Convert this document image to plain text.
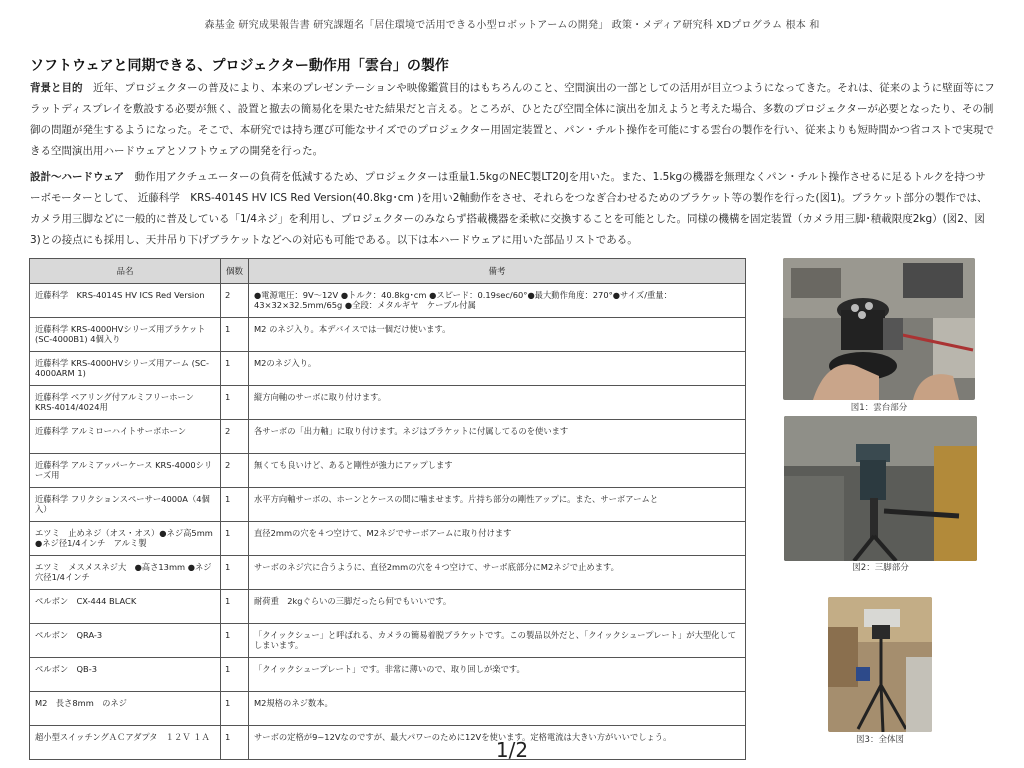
森基金 研究成果報告書 研究課題名「居住環境で活用できる小型ロボットアームの開発」 政策・メディア研究科 XDプログラム 根本 和
ソフトウェアと同期できる、プロジェクター動作用「雲台」の製作
背景と目的　近年、プロジェクターの普及により、本来のプレゼンテーションや映像鑑賞目的はもちろんのこと、空間演出の一部としての活用が目立つようになってきた。それは、従来のように壁面等にフラットディスプレイを敷設する必要が無く、設置と撤去の簡易化を果たせた結果だと言える。ところが、ひとたび空間全体に演出を加えようと考えた場合、多数のプロジェクターが必要となったり、その制御の問題が発生するようになった。そこで、本研究では持ち運び可能なサイズでのプロジェクター用固定装置と、パン・チルト操作を可能にする雲台の製作を行い、従来よりも短時間かつ省コストで実現できる空間演出用ハードウェアとソフトウェアの開発を行った。
設計～ハードウェア　動作用アクチュエーターの負荷を低減するため、プロジェクターは重量1.5kgのNEC製LT20Jを用いた。また、1.5kgの機器を無理なくパン・チルト操作させるに足るトルクを持つサーボモーターとして、 近藤科学　KRS-4014S HV ICS Red Version(40.8kg･cm )を用い2軸動作をさせ、それらをつなぎ合わせるためのブラケット等の製作を行った(図1)。ブラケット部分の製作では、カメラ用三脚などに一般的に普及している「1/4ネジ」を利用し、プロジェクターのみならず搭載機器を柔軟に交換することを可能とした。同様の機構を固定装置（カメラ用三脚･積載限度2kg）(図2、図3)との接点にも採用し、天井吊り下げブラケットなどへの対応も可能である。以下は本ハードウェアに用いた部品リストである。
品名	個数	備考
近藤科学　KRS-4014S HV ICS Red Version	2	●電源電圧：9V～12V ●トルク：40.8kg･cm ●スピード：0.19sec/60°●最大動作角度：270°●サイズ/重量：43×32×32.5mm/65g ●全段：メタルギヤ　ケーブル付属
近藤科学 KRS-4000HVシリーズ用ブラケット(SC-4000B1) 4個入り	1	M2 のネジ入り。本デバイスでは一個だけ使います。
近藤科学 KRS-4000HVシリーズ用アーム (SC-4000ARM 1)	1	M2のネジ入り。
近藤科学 ベアリング付アルミフリーホーン KRS-4014/4024用	1	縦方向軸のサーボに取り付けます。
近藤科学 アルミローハイトサーボホーン	2	各サーボの「出力軸」に取り付けます。ネジはブラケットに付属してるのを使います
近藤科学 アルミアッパーケース KRS-4000シリーズ用	2	無くても良いけど、あると剛性が強力にアップします
近藤科学 フリクションスペーサー4000A（4個入）	1	水平方向軸サーボの、ホーンとケースの間に噛ませます。片持ち部分の剛性アップに。また、サーボアームと
エツミ　止めネジ（オス・オス）●ネジ高5mm ●ネジ径1/4インチ　アルミ製	1	直径2mmの穴を４つ空けて、M2ネジでサーボアームに取り付けます
エツミ　メスメスネジ大　●高さ13mm ●ネジ穴径1/4インチ	1	サーボのネジ穴に合うように、直径2mmの穴を４つ空けて、サーボ底部分にM2ネジで止めます。
ベルボン　CX-444 BLACK	1	耐荷重　2kgぐらいの三脚だったら何でもいいです。
ベルボン　QRA-3	1	「クイックシュー」と呼ばれる、カメラの簡易着脱ブラケットです。この製品以外だと、「クイックシュープレート」が大型化してしまいます。
ベルボン　QB-3	1	「クイックシュープレート」です。非常に薄いので、取り回しが楽です。
M2　長さ8mm　のネジ	1	M2規格のネジ数本。
超小型スイッチングＡＣアダプタ　１２Ｖ １Ａ	1	サーボの定格が9~12Vなのですが、最大パワーのために12Vを使います。定格電流は大きい方がいいでしょう。
図1：雲台部分
図2：三脚部分
図3：全体図
1/2
